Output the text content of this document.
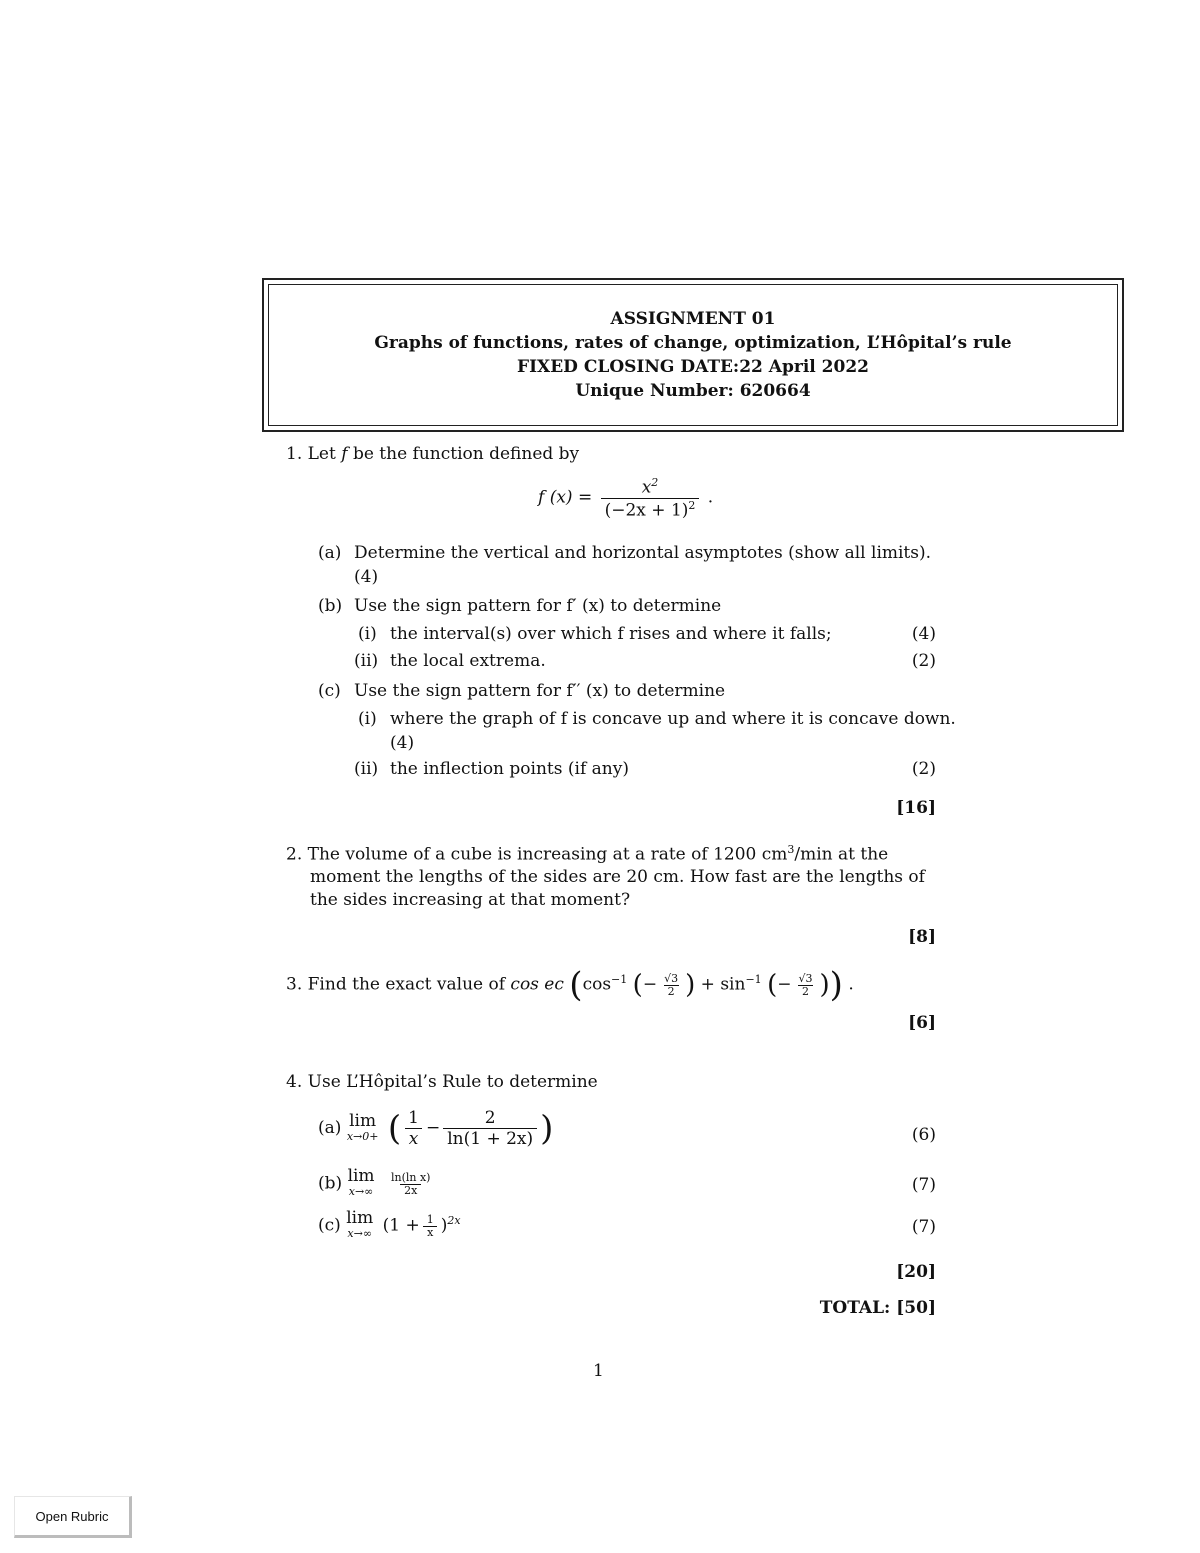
ASSIGNMENT 01
Graphs of functions, rates of change, optimization, L’Hôpital’s rule
FIXED CLOSING DATE:22 April 2022
Unique Number: 620664
1. Let f be the function defined by
f $(x) = \frac{x^2}{(-2x + 1)^2}$ .
(a) Determine the vertical and horizontal asymptotes (show all limits).
(4)
(b) Use the sign pattern for f′ (x) to determine
(i) the interval(s) over which f rises and where it falls;	(4)
(ii) the local extrema.	(2)
(c) Use the sign pattern for f′′ (x) to determine
(i) where the graph of f is concave up and where it is concave down.
(4)
(ii) the inflection points (if any)	(2)
[16]
2. The volume of a cube is increasing at a rate of 1200 $cm^3/\min$ at the
moment the lengths of the sides are 20 cm. How fast are the lengths of
the sides increasing at that moment?
[8]
3. Find the exact value of cos ec ($\cos^{-1}$ (− $\frac{√3}{2}$ ) + $\sin^{-1}$ (− $\frac{√3}{2}$ )) .
[6]
4. Use L’Hôpital’s Rule to determine
(a) lim
x→0+ ( $\frac{1}{x} - \frac{2}{\ln(1 + 2x)}$ )	(6)
(b) lim
x→∞
$\frac{\text{ln(ln x)}}{2x}$	(7)
(c) lim
x→∞ $(1 + \frac{1}{x} )^{2x}$	(7)
[20]
TOTAL: [50]
1
Open Rubric
